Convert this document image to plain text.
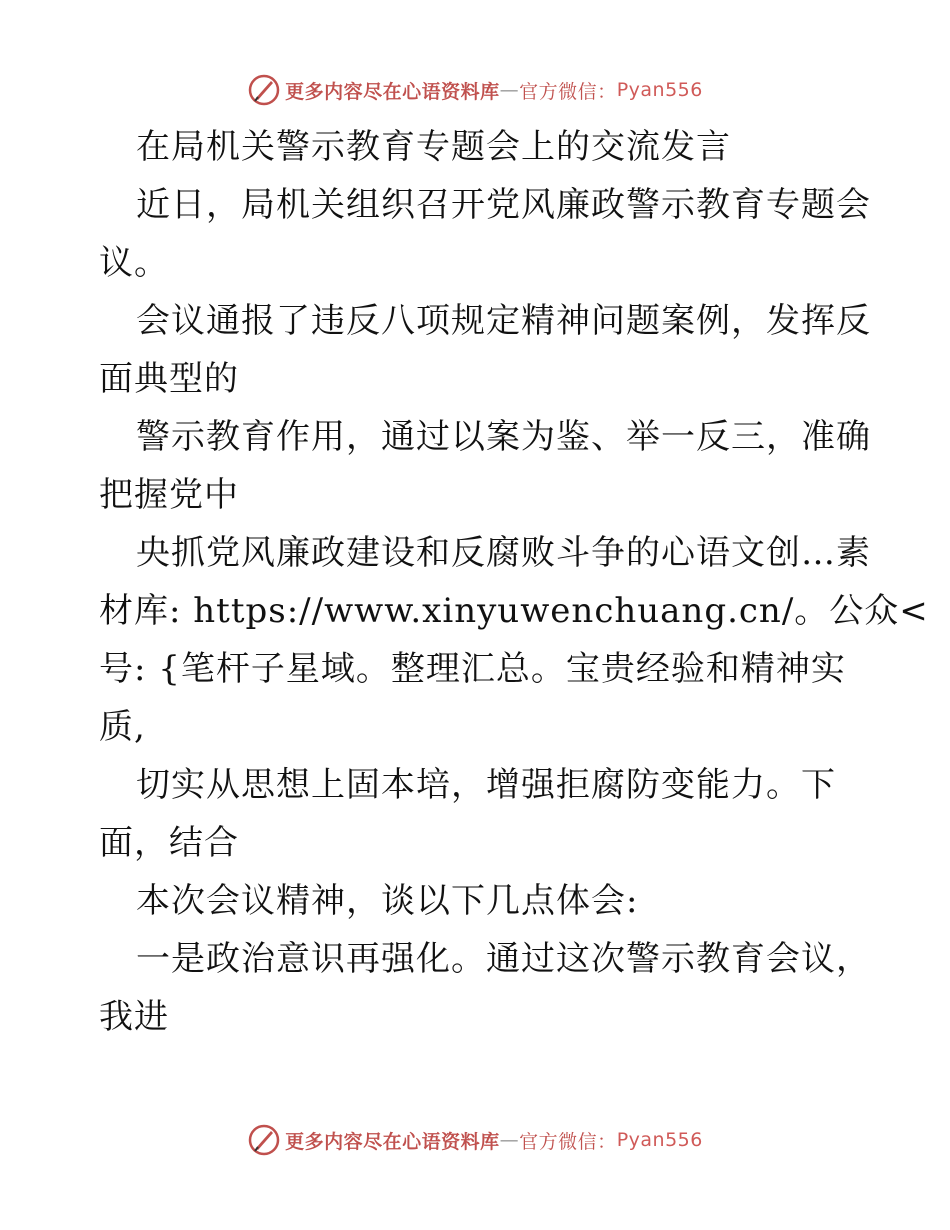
更多内容尽在心语资料库 — 官方微信： Pyan556
在局机关警示教育专题会上的交流发言
近日，局机关组织召开党风廉政警示教育专题会
议。
会议通报了违反八项规定精神问题案例，发挥反
面典型的
警示教育作用，通过以案为鉴、举一反三，准确
把握党中
央抓党风廉政建设和反腐败斗争的心语文创…素
材库: https://www.xinyuwenchuang.cn/。公众<
号: {笔杆子星域。整理汇总。宝贵经验和精神实
质,
切实从思想上固本培，增强拒腐防变能力。下
面，结合
本次会议精神，谈以下几点体会:
一是政治意识再强化。通过这次警示教育会议，
我进
更多内容尽在心语资料库 — 官方微信： Pyan556
